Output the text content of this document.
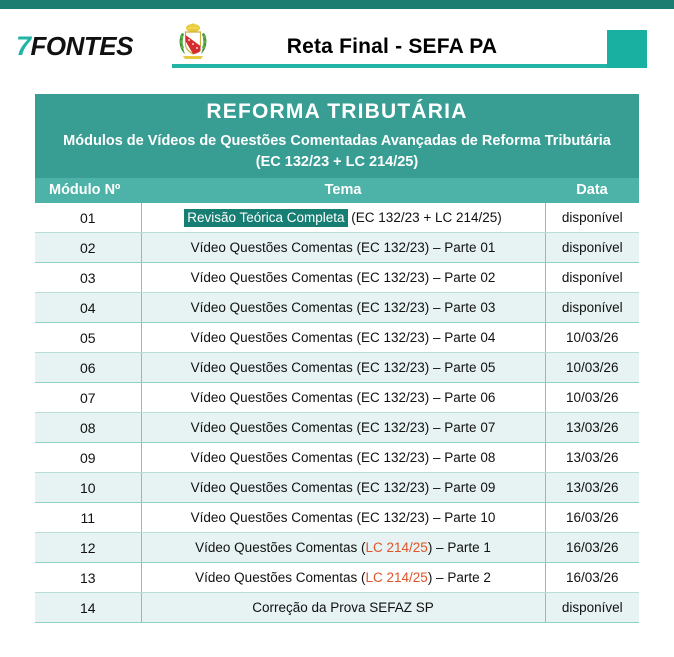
7 FONTES	Reta Final - SEFA PA
REFORMA TRIBUTÁRIA
Módulos de Vídeos de Questões Comentadas Avançadas de Reforma Tributária (EC 132/23 + LC 214/25)
Módulo Nº	Tema	Data
01	Revisão Teórica Completa (EC 132/23 + LC 214/25)	disponível
02	Vídeo Questões Comentas (EC 132/23) – Parte 01	disponível
03	Vídeo Questões Comentas (EC 132/23) – Parte 02	disponível
04	Vídeo Questões Comentas (EC 132/23) – Parte 03	disponível
05	Vídeo Questões Comentas (EC 132/23) – Parte 04	10/03/26
06	Vídeo Questões Comentas (EC 132/23) – Parte 05	10/03/26
07	Vídeo Questões Comentas (EC 132/23) – Parte 06	10/03/26
08	Vídeo Questões Comentas (EC 132/23) – Parte 07	13/03/26
09	Vídeo Questões Comentas (EC 132/23) – Parte 08	13/03/26
10	Vídeo Questões Comentas (EC 132/23) – Parte 09	13/03/26
11	Vídeo Questões Comentas (EC 132/23) – Parte 10	16/03/26
12	Vídeo Questões Comentas (LC 214/25) – Parte 1	16/03/26
13	Vídeo Questões Comentas (LC 214/25) – Parte 2	16/03/26
14	Correção da Prova SEFAZ SP	disponível
